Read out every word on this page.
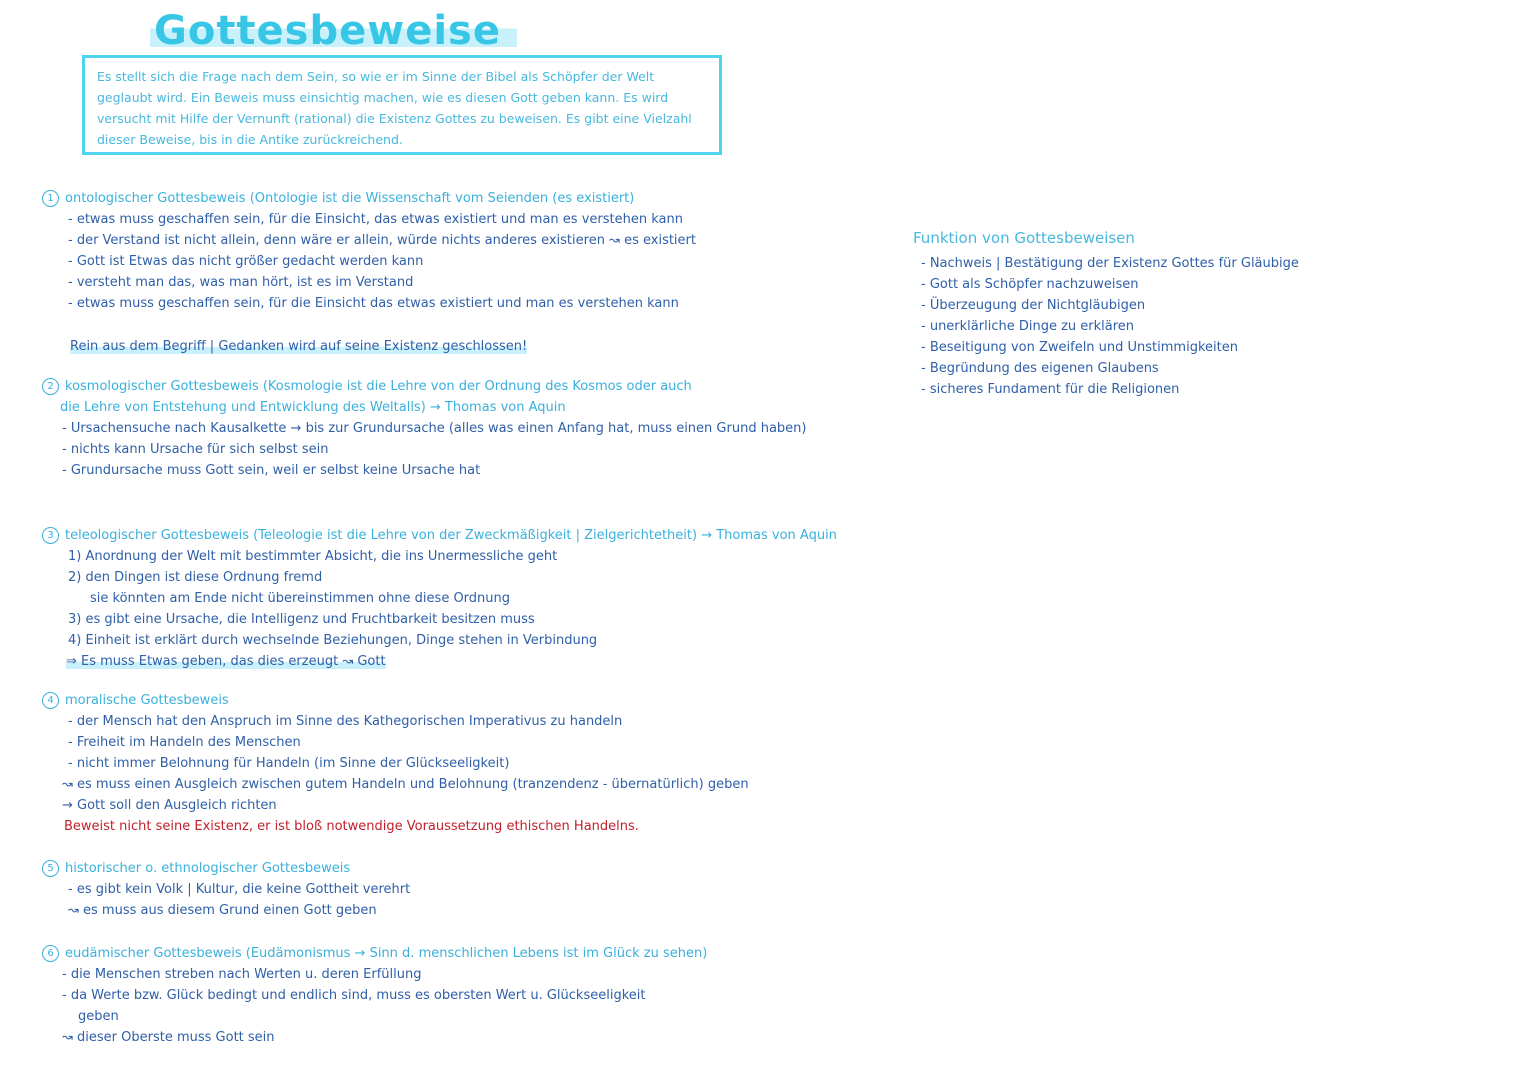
Gottesbeweise
Es stellt sich die Frage nach dem Sein, so wie er im Sinne der Bibel als Schöpfer der Welt geglaubt wird. Ein Beweis muss einsichtig machen, wie es diesen Gott geben kann. Es wird versucht mit Hilfe der Vernunft (rational) die Existenz Gottes zu beweisen. Es gibt eine Vielzahl dieser Beweise, bis in die Antike zurückreichend.
1 ontologischer Gottesbeweis (Ontologie ist die Wissenschaft vom Seienden (es existiert)
- etwas muss geschaffen sein, für die Einsicht, das etwas existiert und man es verstehen kann
- der Verstand ist nicht allein, denn wäre er allein, würde nichts anderes existieren ↝ es existiert
- Gott ist Etwas das nicht größer gedacht werden kann
- versteht man das, was man hört, ist es im Verstand
- etwas muss geschaffen sein, für die Einsicht das etwas existiert und man es verstehen kann
Rein aus dem Begriff | Gedanken wird auf seine Existenz geschlossen!
2 kosmologischer Gottesbeweis (Kosmologie ist die Lehre von der Ordnung des Kosmos oder auch
die Lehre von Entstehung und Entwicklung des Weltalls) → Thomas von Aquin
- Ursachensuche nach Kausalkette → bis zur Grundursache (alles was einen Anfang hat, muss einen Grund haben)
- nichts kann Ursache für sich selbst sein
- Grundursache muss Gott sein, weil er selbst keine Ursache hat
3 teleologischer Gottesbeweis (Teleologie ist die Lehre von der Zweckmäßigkeit | Zielgerichtetheit) → Thomas von Aquin
1) Anordnung der Welt mit bestimmter Absicht, die ins Unermessliche geht
2) den Dingen ist diese Ordnung fremd
sie könnten am Ende nicht übereinstimmen ohne diese Ordnung
3) es gibt eine Ursache, die Intelligenz und Fruchtbarkeit besitzen muss
4) Einheit ist erklärt durch wechselnde Beziehungen, Dinge stehen in Verbindung
⇒ Es muss Etwas geben, das dies erzeugt ↝ Gott
4 moralische Gottesbeweis
- der Mensch hat den Anspruch im Sinne des Kathegorischen Imperativus zu handeln
- Freiheit im Handeln des Menschen
- nicht immer Belohnung für Handeln (im Sinne der Glückseeligkeit)
↝ es muss einen Ausgleich zwischen gutem Handeln und Belohnung (tranzendenz - übernatürlich) geben
→ Gott soll den Ausgleich richten
Beweist nicht seine Existenz, er ist bloß notwendige Voraussetzung ethischen Handelns.
5 historischer o. ethnologischer Gottesbeweis
- es gibt kein Volk | Kultur, die keine Gottheit verehrt
↝ es muss aus diesem Grund einen Gott geben
6 eudämischer Gottesbeweis (Eudämonismus → Sinn d. menschlichen Lebens ist im Glück zu sehen)
- die Menschen streben nach Werten u. deren Erfüllung
- da Werte bzw. Glück bedingt und endlich sind, muss es obersten Wert u. Glückseeligkeit
geben
↝ dieser Oberste muss Gott sein
Funktion von Gottesbeweisen
- Nachweis | Bestätigung der Existenz Gottes für Gläubige
- Gott als Schöpfer nachzuweisen
- Überzeugung der Nichtgläubigen
- unerklärliche Dinge zu erklären
- Beseitigung von Zweifeln und Unstimmigkeiten
- Begründung des eigenen Glaubens
- sicheres Fundament für die Religionen
